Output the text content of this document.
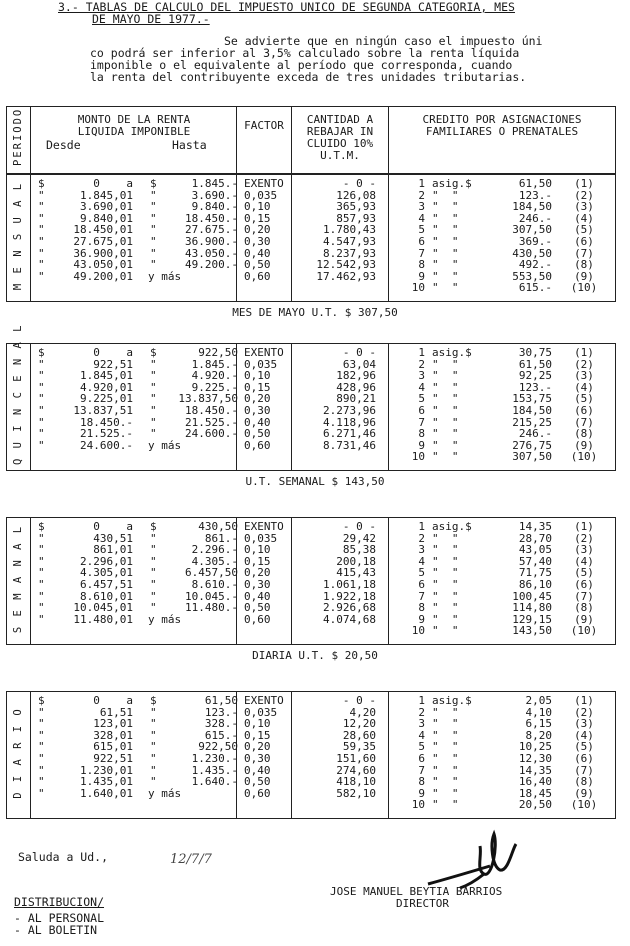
3.- TABLAS DE CALCULO DEL IMPUESTO UNICO DE SEGUNDA CATEGORIA, MES
DE MAYO DE 1977.-
Se advierte que en ningún caso el impuesto úni
co podrá ser inferior al 3,5% calculado sobre la renta líquida
imponible o el equivalente al período que corresponda, cuando
la renta del contribuyente exceda de tres unidades tributarias.
PERIODO	MONTO DE LA RENTA
LIQUIDA IMPONIBLE
Desde	Hasta
FACTOR	CANTIDAD A
REBAJAR IN
CLUIDO 10%
U.T.M.
CREDITO POR ASIGNACIONES
FAMILIARES O PRENATALES
M E N S U A L $	0    a $	1.845.- EXENTO	- 0 -	1 asig.$	61,50	(1)
"	1.845,01 "	3.690.- 0,035	126,08	2 "  "	123.-	(2)
"	3.690,01 "	9.840.- 0,10	365,93	3 "  "	184,50	(3)
"	9.840,01 "	18.450.- 0,15	857,93	4 "  "	246.-	(4)
"	18.450,01 "	27.675.- 0,20	1.780,43	5 "  "	307,50	(5)
"	27.675,01 "	36.900.- 0,30	4.547,93	6 "  "	369.-	(6)
"	36.900,01 "	43.050.- 0,40	8.237,93	7 "  "	430,50	(7)
"	43.050,01 "	49.200.- 0,50	12.542,93	8 "  "	492.-	(8)
"	49.200,01 y más	0,60	17.462,93	9 "  "	553,50	(9)
10 "  "	615.-	(10)
MES DE MAYO U.T. $ 307,50
Q U I N C E N A L $	0    a $	922,50 EXENTO	- 0 -	1 asig.$	30,75	(1)
"	922,51 "	1.845.- 0,035	63,04	2 "  "	61,50	(2)
"	1.845,01 "	4.920.- 0,10	182,96	3 "  "	92,25	(3)
"	4.920,01 "	9.225.- 0,15	428,96	4 "  "	123.-	(4)
"	9.225,01 "	13.837,50 0,20	890,21	5 "  "	153,75	(5)
"	13.837,51 "	18.450.- 0,30	2.273,96	6 "  "	184,50	(6)
"	18.450.- "	21.525.- 0,40	4.118,96	7 "  "	215,25	(7)
"	21.525.- "	24.600.- 0,50	6.271,46	8 "  "	246.-	(8)
"	24.600.- y más	0,60	8.731,46	9 "  "	276,75	(9)
10 "  "	307,50	(10)
U.T. SEMANAL $ 143,50
S E M A N A L $	0    a $	430,50 EXENTO	- 0 -	1 asig.$	14,35	(1)
"	430,51 "	861.- 0,035	29,42	2 "  "	28,70	(2)
"	861,01 "	2.296.- 0,10	85,38	3 "  "	43,05	(3)
"	2.296,01 "	4.305.- 0,15	200,18	4 "  "	57,40	(4)
"	4.305,01 "	6.457,50 0,20	415,43	5 "  "	71,75	(5)
"	6.457,51 "	8.610.- 0,30	1.061,18	6 "  "	86,10	(6)
"	8.610,01 "	10.045.- 0,40	1.922,18	7 "  "	100,45	(7)
"	10.045,01 "	11.480.- 0,50	2.926,68	8 "  "	114,80	(8)
"	11.480,01 y más	0,60	4.074,68	9 "  "	129,15	(9)
10 "  "	143,50	(10)
DIARIA U.T. $ 20,50
D I A R I O
$	0    a $	61,50 EXENTO	- 0 -	1 asig.$	2,05	(1)
"	61,51 "	123.- 0,035	4,20	2 "  "	4,10	(2)
"	123,01 "	328.- 0,10	12,20	3 "  "	6,15	(3)
"	328,01 "	615.- 0,15	28,60	4 "  "	8,20	(4)
"	615,01 "	922,50 0,20	59,35	5 "  "	10,25	(5)
"	922,51 "	1.230.- 0,30	151,60	6 "  "	12,30	(6)
"	1.230,01 "	1.435.- 0,40	274,60	7 "  "	14,35	(7)
"	1.435,01 "	1.640.- 0,50	418,10	8 "  "	16,40	(8)
"	1.640,01 y más	0,60	582,10	9 "  "	18,45	(9)
10 "  "	20,50	(10)
Saluda a Ud.,	12/7/7
JOSE MANUEL BEYTIA BARRIOS
DIRECTOR
DISTRIBUCION/
- AL PERSONAL
- AL BOLETIN
